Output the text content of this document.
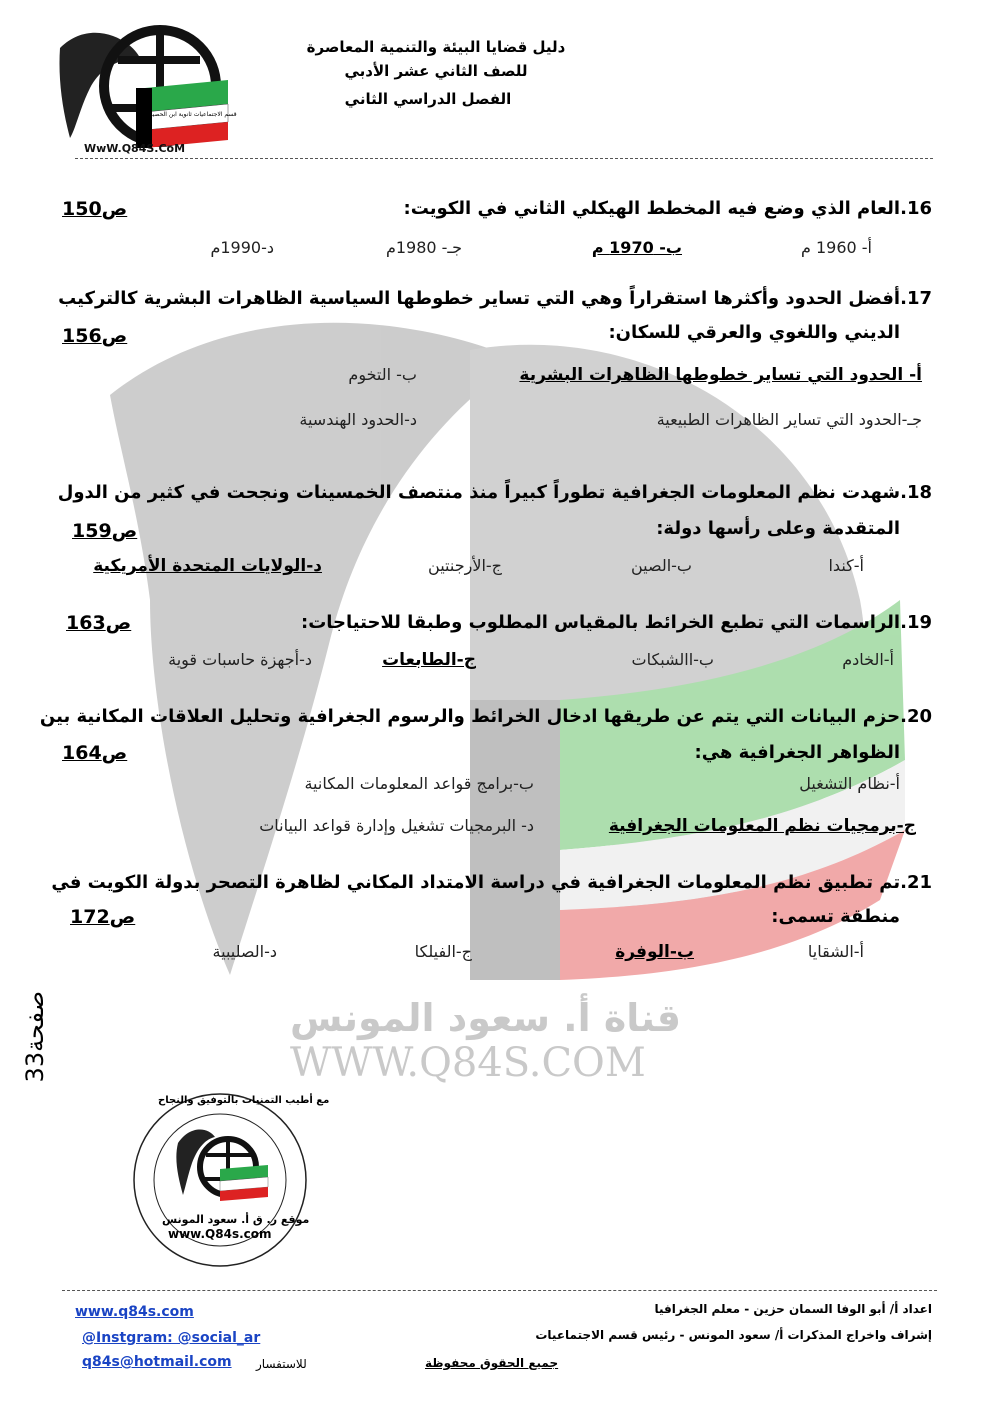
قسم الاجتماعيات ثانوية ابن الحصين
WwW.Q84S.CoM
دليل قضايا البيئة والتنمية المعاصرة
للصف الثاني عشر الأدبي
الفصل الدراسي الثاني
16.العام الذي وضع فيه المخطط الهيكلي الثاني في الكويت:
ص150
أ- 1960 م
ب- 1970 م
جـ- 1980م
د-1990م
17.أفضل الحدود وأكثرها استقراراً وهي التي تساير خطوطها السياسية الظاهرات البشرية كالتركيب
الديني واللغوي والعرقي للسكان:
ص156
أ- الحدود التي تساير خطوطها الظاهرات البشرية
ب- التخوم
جـ-الحدود التي تساير الظاهرات الطبيعية
د-الحدود الهندسية
18.شهدت نظم المعلومات الجغرافية تطوراً كبيراً منذ منتصف الخمسينات ونجحت في كثير من الدول
المتقدمة وعلى رأسها دولة:
ص159
أ-كندا
ب-الصين
ج-الأرجنتين
د-الولايات المتحدة الأمريكية
19.الراسمات التي تطبع الخرائط بالمقياس المطلوب وطبقا للاحتياجات:
ص163
أ-الخادم
ب-االشبكات
ج-الطابعات
د-أجهزة حاسبات قوية
20.حزم البيانات التي يتم عن طريقها ادخال الخرائط والرسوم الجغرافية وتحليل العلاقات المكانية بين
الظواهر الجغرافية هي:
ص164
أ-نظام التشغيل
ب-برامج قواعد المعلومات المكانية
ج-برمجيات نظم المعلومات الجغرافية
د- البرمجيات تشغيل وإدارة قواعد البيانات
21.تم تطبيق نظم المعلومات الجغرافية في دراسة الامتداد المكاني لظاهرة التصحر بدولة الكويت في
منطقة تسمى:
ص172
أ-الشقايا
ب-الوفرة
ج-الفيلكا
د-الصليبية
قناة أ. سعود المونس
WWW.Q84S.COM
صفحة33
مع أطيب التمنيات بالتوفيق والنجاح
موقع ر. ق أ. سعود المونس
www.Q84s.com
اعداد أ/ أبو الوفا السمان حزين - معلم الجغرافيا
إشراف واخراج المذكرات أ/ سعود المونس - رئيس قسم الاجتماعيات
جميع الحقوق محفوظة
للاستفسار
www.q84s.com
@Instgram: @social_ar
q84s@hotmail.com
